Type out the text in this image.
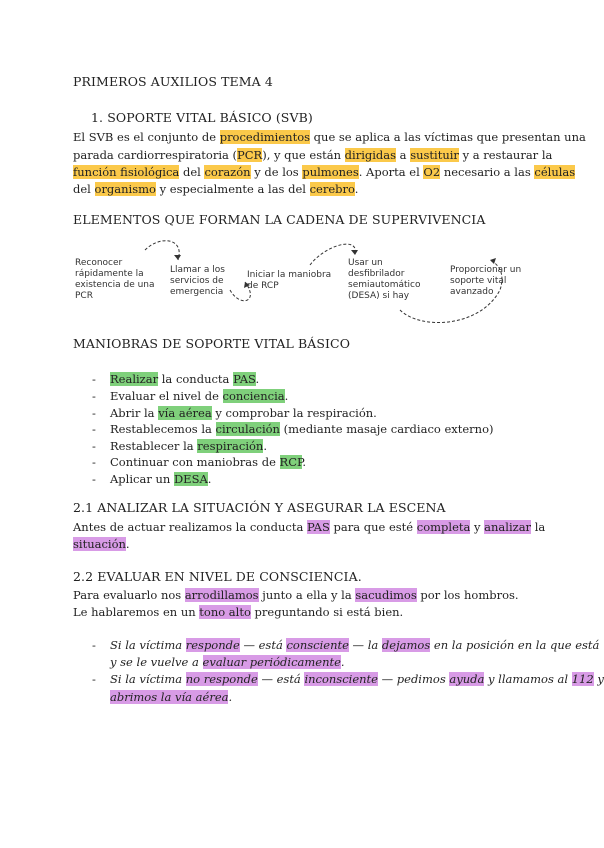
PRIMEROS AUXILIOS TEMA 4
1. SOPORTE VITAL BÁSICO (SVB)
El SVB es el conjunto de procedimientos que se aplica a las víctimas que presentan una
parada cardiorrespiratoria (PCR), y que están dirigidas a sustituir y a restaurar la
función fisiológica del corazón y de los pulmones. Aporta el O2 necesario a las células
del organismo y especialmente a las del cerebro.
ELEMENTOS QUE FORMAN LA CADENA DE SUPERVIVENCIA
Reconocer rápidamente la existencia de una PCR
Llamar a los servicios de emergencia
Iniciar la maniobra de RCP
Usar un desfibrilador semiautomático (DESA) si hay
Proporcionar un soporte vital avanzado
MANIOBRAS DE SOPORTE VITAL BÁSICO
- Realizar la conducta PAS.
- Evaluar el nivel de conciencia.
- Abrir la vía aérea y comprobar la respiración.
- Restablecemos la circulación (mediante masaje cardiaco externo)
- Restablecer la respiración.
- Continuar con maniobras de RCP.
- Aplicar un DESA.
2.1 ANALIZAR LA SITUACIÓN Y ASEGURAR LA ESCENA
Antes de actuar realizamos la conducta PAS para que esté completa y analizar la
situación.
2.2 EVALUAR EN NIVEL DE CONSCIENCIA.
Para evaluarlo nos arrodillamos junto a ella y la sacudimos por los hombros.
Le hablaremos en un tono alto preguntando si está bien.
- Si la víctima responde — está consciente — la dejamos en la posición en la que está
y se le vuelve a evaluar periódicamente.
- Si la víctima no responde — está inconsciente — pedimos ayuda y llamamos al 112 y
abrimos la vía aérea.
